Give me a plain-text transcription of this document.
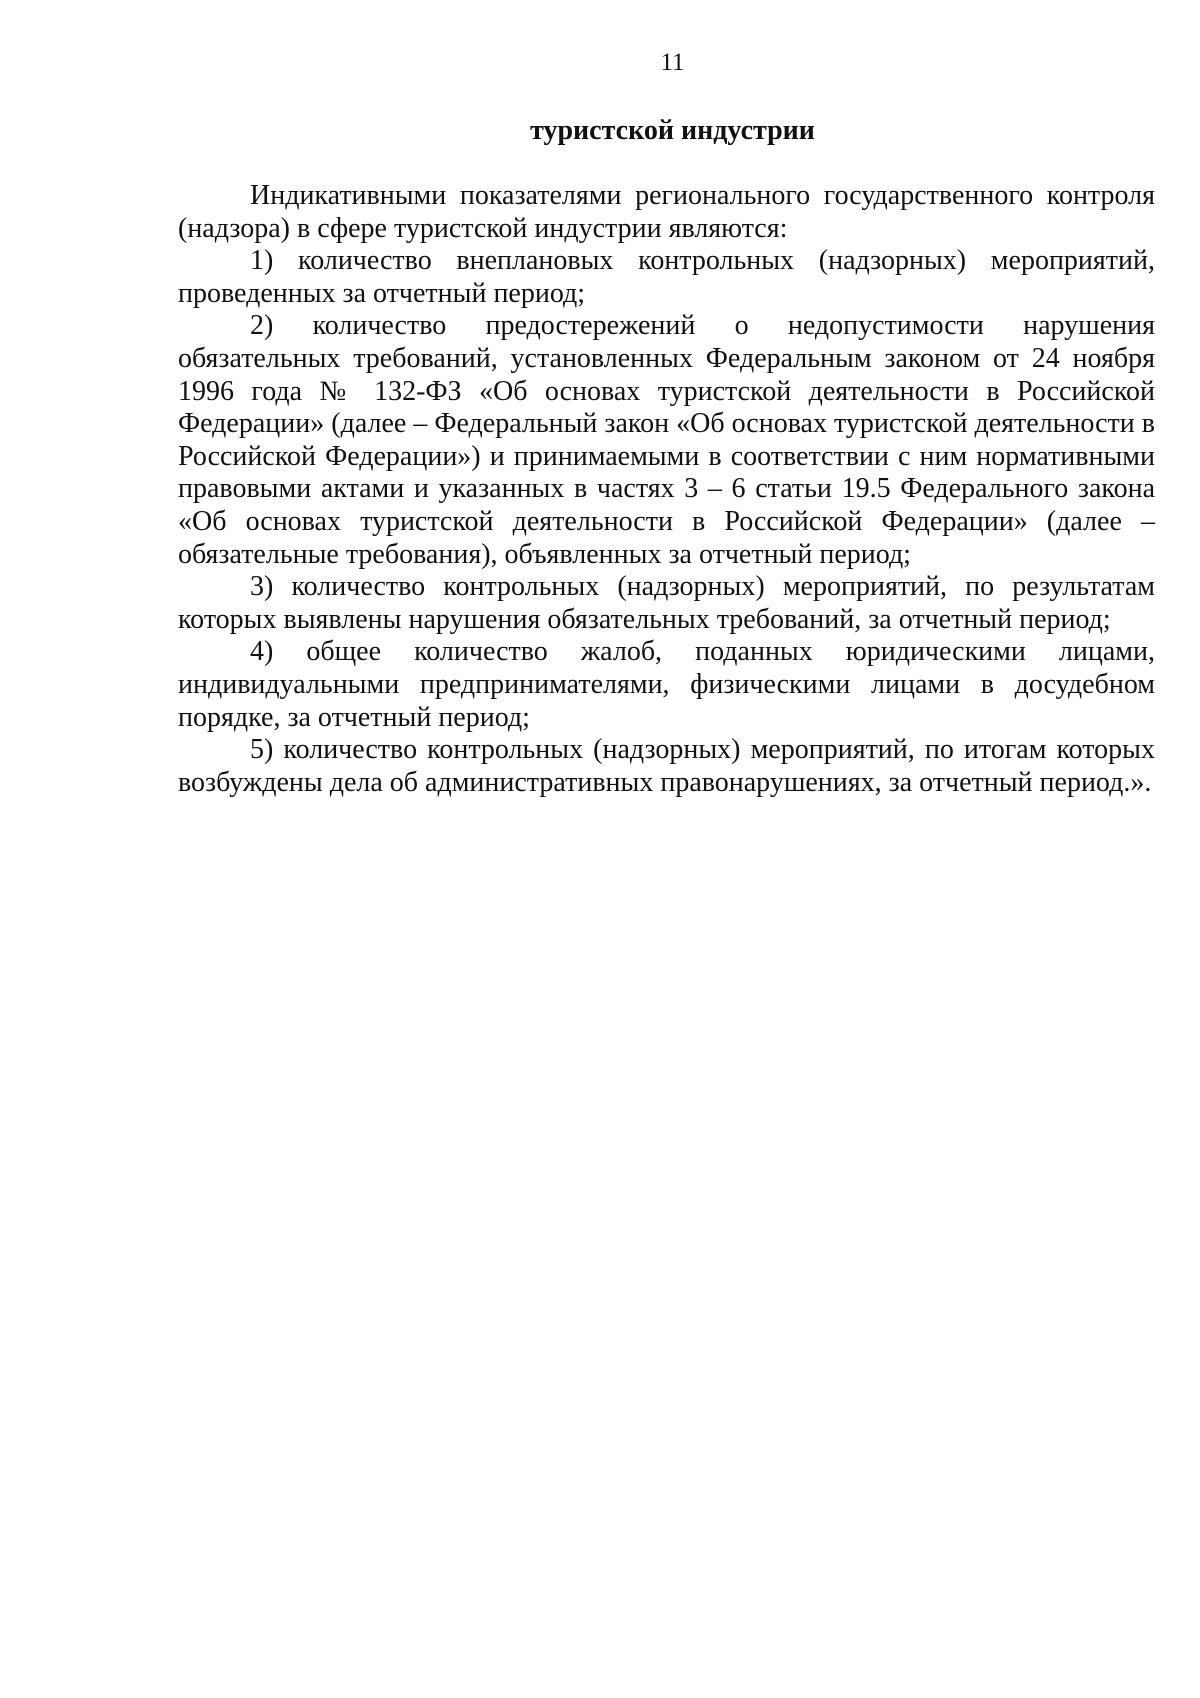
11
туристской индустрии

Индикативными показателями регионального государственного контроля (надзора) в сфере туристской индустрии являются:

1) количество внеплановых контрольных (надзорных) мероприятий, проведенных за отчетный период;

2) количество предостережений о недопустимости нарушения обязательных требований, установленных Федеральным законом от 24 ноября 1996 года № 132-ФЗ «Об основах туристской деятельности в Российской Федерации» (далее – Федеральный закон «Об основах туристской деятельности в Российской Федерации») и принимаемыми в соответствии с ним нормативными правовыми актами и указанных в частях 3 – 6 статьи 19.5 Федерального закона «Об основах туристской деятельности в Российской Федерации» (далее – обязательные требования), объявленных за отчетный период;

3) количество контрольных (надзорных) мероприятий, по результатам которых выявлены нарушения обязательных требований, за отчетный период;

4) общее количество жалоб, поданных юридическими лицами, индивидуальными предпринимателями, физическими лицами в досудебном порядке, за отчетный период;

5) количество контрольных (надзорных) мероприятий, по итогам которых возбуждены дела об административных правонарушениях, за отчетный период.».
